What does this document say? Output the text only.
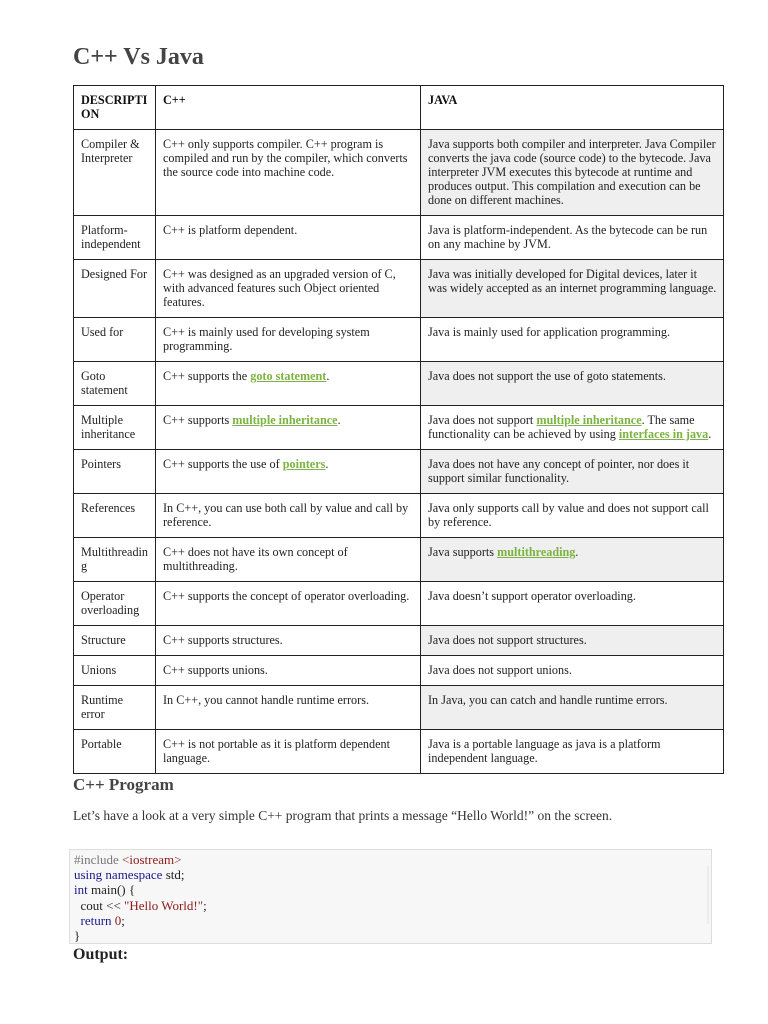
C++ Vs Java
DESCRIPTION	C++	JAVA
Compiler & Interpreter	C++ only supports compiler. C++ program is compiled and run by the compiler, which converts the source code into machine code.	Java supports both compiler and interpreter. Java Compiler converts the java code (source code) to the bytecode. Java interpreter JVM executes this bytecode at runtime and produces output. This compilation and execution can be done on different machines.
Platform-independent	C++ is platform dependent.	Java is platform-independent. As the bytecode can be run on any machine by JVM.
Designed For	C++ was designed as an upgraded version of C, with advanced features such Object oriented features.	Java was initially developed for Digital devices, later it was widely accepted as an internet programming language.
Used for	C++ is mainly used for developing system programming.	Java is mainly used for application programming.
Goto statement	C++ supports the goto statement.	Java does not support the use of goto statements.
Multiple inheritance	C++ supports multiple inheritance.	Java does not support multiple inheritance. The same functionality can be achieved by using interfaces in java.
Pointers	C++ supports the use of pointers.	Java does not have any concept of pointer, nor does it support similar functionality.
References	In C++, you can use both call by value and call by reference.	Java only supports call by value and does not support call by reference.
Multithreading	C++ does not have its own concept of multithreading.	Java supports multithreading.
Operator overloading	C++ supports the concept of operator overloading.	Java doesn’t support operator overloading.
Structure	C++ supports structures.	Java does not support structures.
Unions	C++ supports unions.	Java does not support unions.
Runtime error	In C++, you cannot handle runtime errors.	In Java, you can catch and handle runtime errors.
Portable	C++ is not portable as it is platform dependent language.	Java is a portable language as java is a platform independent language.
C++ Program

Let’s have a look at a very simple C++ program that prints a message “Hello World!” on the screen.

#include <iostream>
using namespace std;
int main() {
cout << "Hello World!";
return 0;
}
Output:
